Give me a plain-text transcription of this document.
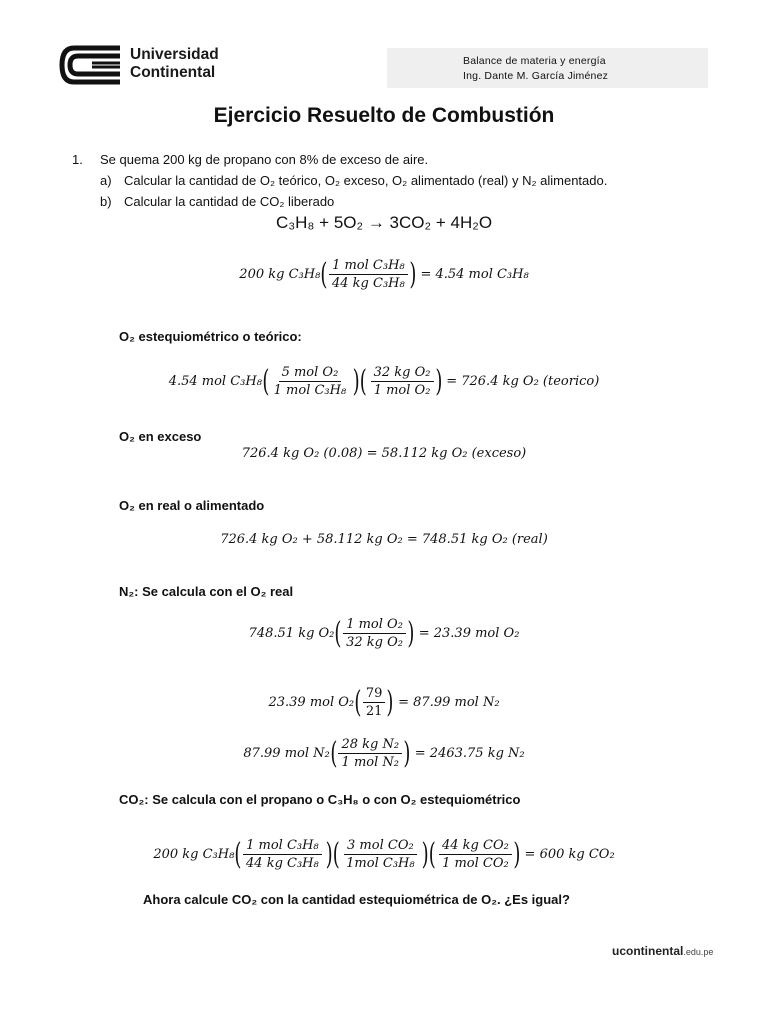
Universidad
Continental
Balance de materia y energía
Ing. Dante M. García Jiménez
Ejercicio Resuelto de Combustión
1. Se quema 200 kg de propano con 8% de exceso de aire.
a) Calcular la cantidad de O₂ teórico, O₂ exceso, O₂ alimentado (real) y N₂ alimentado.
b) Calcular la cantidad de CO₂ liberado
C₃H₈ + 5O₂ → 3CO₂ + 4H₂O
200 kg C₃H₈ ( $\frac{\text{1 mol C₃H₈}}{\text{44 kg C₃H₈}}$ ) = 4.54 mol C₃H₈
O₂ estequiométrico o teórico:
4.54 mol C₃H₈ ( $\frac{\text{5 mol O₂}}{\text{1 mol C₃H₈}}$ )( $\frac{\text{32 kg O₂}}{\text{1 mol O₂}}$ ) = 726.4 kg O₂ (teorico)
O₂ en exceso
726.4 kg O₂ (0.08) = 58.112 kg O₂ (exceso)
O₂ en real o alimentado
726.4 kg O₂ + 58.112 kg O₂ = 748.51 kg O₂ (real)
N₂: Se calcula con el O₂ real
748.51 kg O₂ ( $\frac{\text{1 mol O₂}}{\text{32 kg O₂}}$ ) = 23.39 mol O₂
23.39 mol O₂ ( $\frac{79}{21}$ ) = 87.99 mol N₂
87.99 mol N₂ ( $\frac{\text{28 kg N₂}}{\text{1 mol N₂}}$ ) = 2463.75 kg N₂
CO₂: Se calcula con el propano o C₃H₈ o con O₂ estequiométrico
200 kg C₃H₈ ( $\frac{\text{1 mol C₃H₈}}{\text{44 kg C₃H₈}}$ )( $\frac{\text{3 mol CO₂}}{\text{1mol C₃H₈}}$ )( $\frac{\text{44 kg CO₂}}{\text{1 mol CO₂}}$ ) = 600 kg CO₂
Ahora calcule CO₂ con la cantidad estequiométrica de O₂. ¿Es igual?
ucontinental.edu.pe
